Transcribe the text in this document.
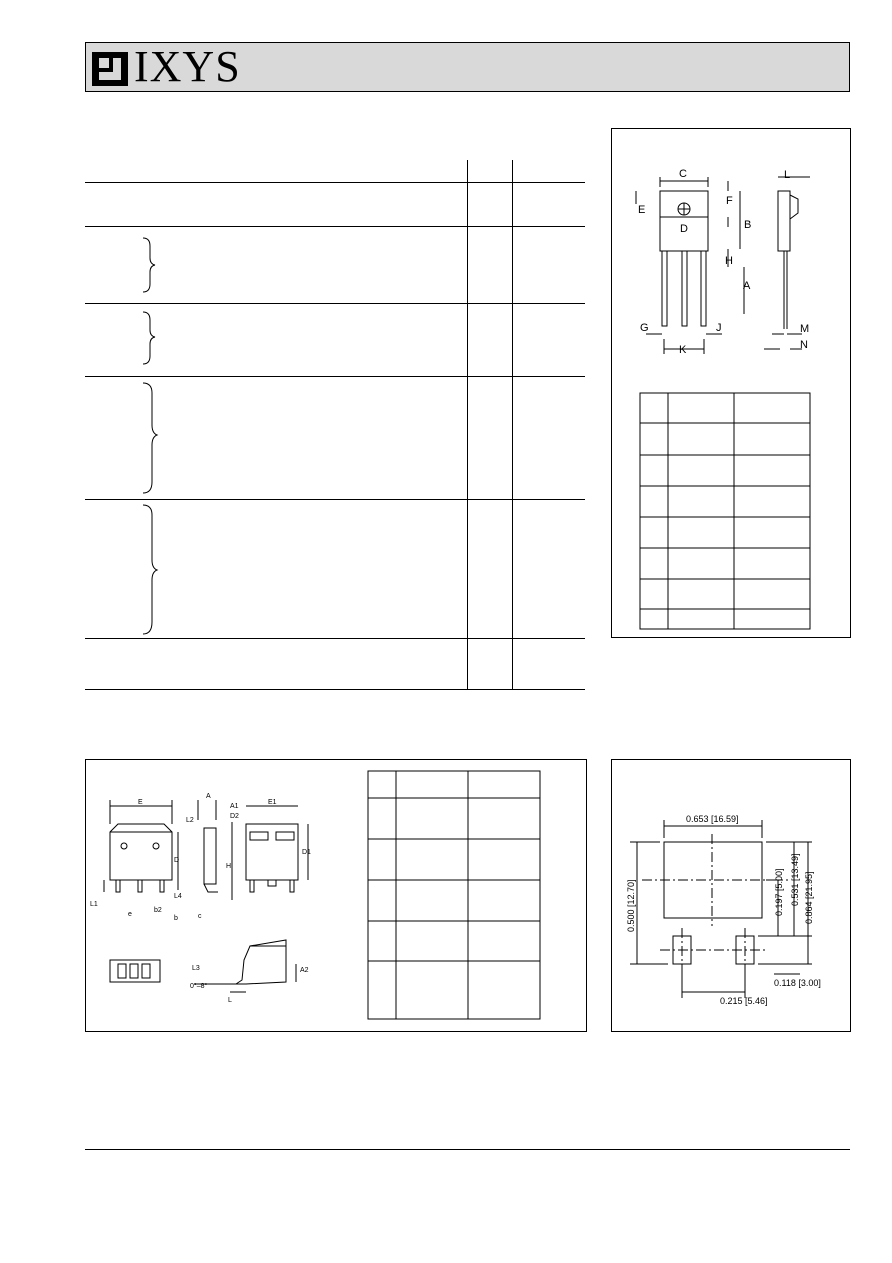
IXYS
C
E
F
D	B
H
A
G	J
K
L
M
N
E
A
A1
L2
D2
E1
D
H
D1
L1
L4
b2
b	c
e
L3	A2
0°–8°
L
0.653 [16.59]
0.500 [12.70]	0.197 [5.00] 0.531 [13.49] 0.864 [21.95]
0.118 [3.00]
0.215 [5.46]
